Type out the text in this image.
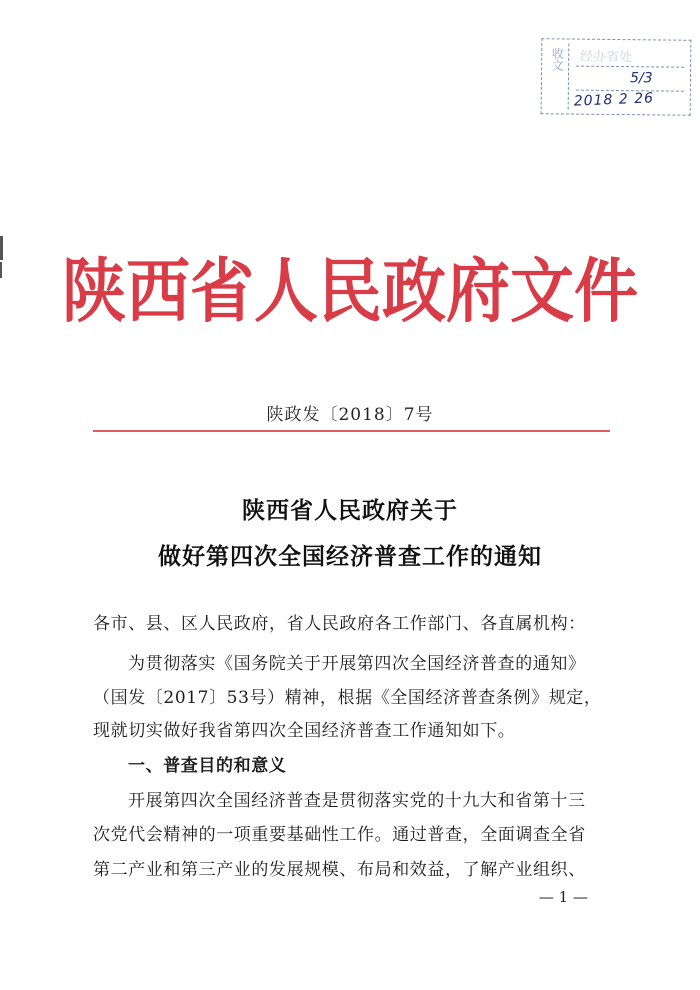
收文 经办省处
5/3
2018 2 26
陕西省人民政府文件
陕政发〔2018〕7号
陕西省人民政府关于
做好第四次全国经济普查工作的通知
各市、县、区人民政府，省人民政府各工作部门、各直属机构：
为贯彻落实《国务院关于开展第四次全国经济普查的通知》
（国发〔2017〕53号）精神，根据《全国经济普查条例》规定，
现就切实做好我省第四次全国经济普查工作通知如下。
一、普查目的和意义
开展第四次全国经济普查是贯彻落实党的十九大和省第十三
次党代会精神的一项重要基础性工作。通过普查，全面调查全省
第二产业和第三产业的发展规模、布局和效益，了解产业组织、
— 1 —
